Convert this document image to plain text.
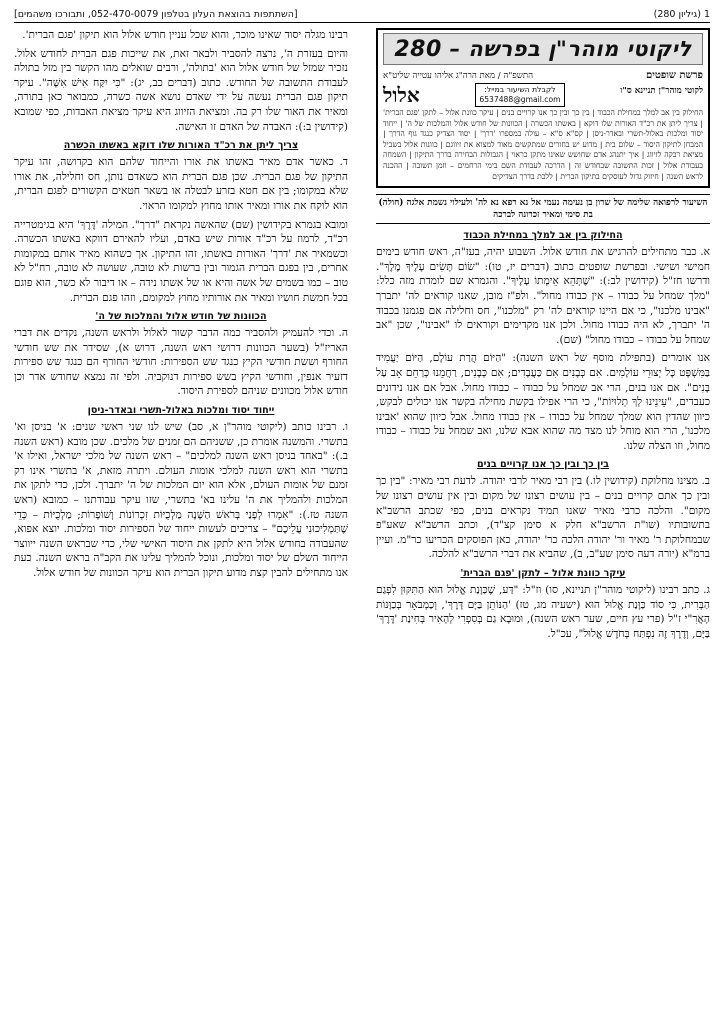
1 (גיליון 280)
[השתתפות בהוצאת העלון בטלפון 052-470-0079, ותבורכו משהמים]
ליקוטי מוהר"ן בפרשה – 280
פרשת שופטים
התשפ"ה / מאת הרה"ג אליהו עטייה שליט"א
לקוטי מוהר"ן תניינא ס"ו
לקבלת השיעור במייל:
6537488@gmail.com
אלול
החילוק בין אב למלך במחילת הכבוד | בין כך ובין כך אנו קרויים בנים | עיקר כוונת אלול – לתקן 'פגם הברית' | צריך ליתן את רכ"ד האורות שלו דוקא | באשתו הכשרה | הכוונות של חודש אלול והמלכות של ה' | ייחוד יסוד ומלכות באלול-תשרי ובאדר-ניסן | קס"א ס"א – עולה במספרו 'דרך' | יסוד הצדיק כנגד גוף הדרך | המבחן לתיקון היסוד – שלום בית | מדוע יש בחורים שמתקשים מאוד למצוא את זיווגם | כוונות אלול בשביל מציאת רבקה לזיווג | איך יתנהג אדם שחושש שאינו מתקן כראוי | הגבולות הבחירה בדרך התיקון | השמחה בעבודת אלול | זכות התשובה שבחודש זה | הדרכה לעבודת השם בימי הרחמים – וזמן תשובה | ההכנה לראש השנה | חיזוק גדול לעוסקים בתיקון הברית | ללכת בדרך הצדיקים
השיעור לרפואה שלימה של שרון בן נעימה נעמי אל נא רפא נא לה' ולעילוי נשמת אלגה (חולה) בת סימי ומאיר זכרונה לברכה
החילוק בין אב למלך במחילת הכבוד

א. כבר מתחילים להרגיש את חודש אלול. השבוע יהיה, בעז"ה, ראש חודש בימים חמישי ושישי. ובפרשת שופטים כתוב (דברים יז, טו): "שׂוֹם תָּשִׂים עָלֶיךָ מֶלֶךְ". ודרשו חז"ל (קידושין לב:): "שֶׁתְּהֵא אֵימָתוֹ עָלֶיךָ". והגמרא שם לומדת מזה כלל: "מלך שמחל על כבודו – אין כבודו מחול". ולפ"ז מובן, שאנו קוראים לה' יתברך "אבינו מלכנו", כי אם היינו קוראים לה' רק "מלכנו", חס וחלילה אם פגמנו בכבוד ה' יתברך, לא היה כבודו מחול. ולכן אנו מקדימים וקוראים לו "אבינו", שכן "אב שמחל על כבודו – כבודו מחול" (שם).

אנו אומרים (בתפילת מוסף של ראש השנה): "הַיּוֹם הֲרַת עוֹלָם, הַיּוֹם יַעֲמִיד בַּמִּשְׁפָּט כָּל יְצוּרֵי עוֹלָמִים. אִם כְּבָנִים אִם כַּעֲבָדִים; אִם כְּבָנִים, רַחֲמֵנוּ כְּרַחֵם אָב עַל בָּנִים". אם אנו בנים, הרי אב שמחל על כבודו – כבודו מחול. אבל אם אנו נידונים כעבדים, "עֵינֵינוּ לְךָ תְלוּיוֹת", כי הרי אפילו בקשת מחילה בקשר אנו יכולים לבקש, כיוון שהדין הוא שמלך שמחל על כבודו – אין כבודו מחול. אבל כיוון שהוא 'אבינו מלכנו', הרי הוא מוחל לנו מצד מה שהוא אבא שלנו, ואב שמחל על כבודו – כבודו מחול, וזו הצלה שלנו.

בין כך ובין כך אנו קרויים בנים

ב. מצינו מחלוקת (קידושין לו.) בין רבי מאיר לרבי יהודה. לדעת רבי מאיר: "בין כך ובין כך אתם קרויים בנים – בין עושים רצונו של מקום ובין אין עושים רצונו של מקום". והלכה כרבי מאיר שאנו תמיד נקראים בנים, כפי שכתב הרשב"א בתשובותיו (שו"ת הרשב"א חלק א סימן קצ"ד), וכתב הרשב"א שאע"פ שבמחלוקת ר' מאיר ור' יהודה הלכה כר' יהודה, כאן הפוסקים הכריעו כר"מ. ועיין ברמ"א (יורה דעה סימן שע"ב, ב), שהביא את דברי הרשב"א להלכה.

עיקר כוונת אלול – לתקן 'פגם הברית'

ג. כתב רבינו (ליקוטי מוהר"ן תניינא, סו) וז"ל: "דַּע, שֶׁכַּוָּנַת אֱלוּל הוּא הַתִּקּוּן לִפְגַם הַבְּרִית, כִּי סוֹד כַּוָּנַת אֱלוּל הוּא (ישעיה מג, טז) 'הַנּוֹתֵן בַּיָּם דָּרֶךְ', וְכַמְבֹאָר בְּכַוָּנוֹת הָאֲרִ"י ז"ל (פרי עץ חיים, שער ראש השנה), וּמוּבָא גַם בְּסִפְרִי לְהָאִיר בְּחִינַת 'דֶּרֶךְ' בַּיָּם, וְדֶרֶךְ זֶה נִפְתַּח בְּחֹדֶשׁ אֱלוּל", עכ"ל.

רבינו מגלה יסוד שאינו מוכר, והוא שכל עניין חודש אלול הוא תיקון 'פגם הברית'.

והיום בעזרת ה', נרצה להסביר ולבאר זאת, את שייכות פגם הברית לחודש אלול. נזכיר שמזל של חודש אלול הוא 'בתולה', ורבים שואלים מהו הקשר בין מזל בתולה לעבודת התשובה של החודש. כתוב (דברים כב, יג): "כִּי יִקַּח אִישׁ אִשָּׁה". עיקר תיקון פגם הברית נעשה על ידי שאדם נושא אשה כשרה, כמבואר כאן בתורה, ומאיר את האור שלו רק בה. ומציאת הזיווג היא עיקר מציאת האבדות, כפי שמובא (קידושין ב:): האבדה של האדם זו האישה.

צריך ליתן את רכ"ד האורות שלו דוקא באשתו הכשרה

ד. כאשר אדם מאיר באשתו את אורו והייחוד שלהם הוא בקדושה, זהו עיקר התיקון של פגם הברית. שכן פגם הברית הוא כשאדם נותן, חס וחלילה, את אורו שלא במקומו; בין אם חטא בזרע לבטלה או בשאר חטאים הקשורים לפגם הברית, הוא לוקח את אורו ומאיר אותו מחוץ למקומו הראוי.

ומובא בגמרא בקידושין (שם) שהאשה נקראת "דרך". המילה 'דֶּרֶךְ' היא בגימטרייה רכ"ד, לרמוז על רכ"ד אורות שיש באדם, ועליו להאירם דווקא באשתו הכשרה. וכשמאיר את 'דרך' האורות באשתו, זהו התיקון. אך כשהוא מאיר אותם במקומות אחרים, בין בפגם הברית הגמור ובין ברשות לא טובה, שעושה לא טובה, רח"ל לא טוב – כמו בשמים של אשה והיא או של אשתו נידה – או דיבור לא כשר, הוא פוגם בכל חמשת חושיו ומאיר את אורותיו מחוץ למקומם, וזהו פגם הברית.

הכוונות של חודש אלול והמלכות של ה'

ה. וכדי להעמיק ולהסביר כמה הדבר קשור לאלול ולראש השנה, נקדים את דברי האריז"ל (בשער הכוונות דרושי ראש השנה, דרוש א), שסידר את שש חודשי החורף וששת חודשי הקיץ כנגד שש הספירות: חודשי החורף הם כנגד שש ספירות דזעיר אנפין, וחודשי הקיץ בשש ספירות דנוקביה. ולפי זה נמצא שחודש אדר וכן חודש אלול מכוונים שניהם לספירת היסוד.

ייחוד יסוד ומלכות באלול-תשרי ובאדר-ניסן

ו. רבינו כותב (ליקוטי מוהר"ן א, סב) שיש לנו שני ראשי שנים: א' בניסן וא' בתשרי. והמשנה אומרת כן, ששניהם הם זמנים של מלכים. שכן מובא (ראש השנה ב.): "באחד בניסן ראש השנה למלכים" – ראש השנה של מלכי ישראל, ואילו א' בתשרי הוא ראש השנה למלכי אומות העולם. ויתרה מזאת, א' בתשרי אינו רק זמנם של אומות העולם, אלא הוא יום המלכות של ה' יתברך. ולכן, כדי לתקן את המלכות ולהמליך את ה' עלינו בא' בתשרי, שזו עיקר עבודתנו – כמובא (ראש השנה טז.): "אִמְרוּ לְפָנַי בְּרֹאשׁ הַשָּׁנָה מַלְכֻיּוֹת זִכְרוֹנוֹת וְשׁוֹפָרוֹת; מַלְכֻיּוֹת – כְּדֵי שֶׁתַּמְלִיכוּנִי עֲלֵיכֶם" – צריכים לעשות ייחוד של הספירות יסוד ומלכות. יוצא אפוא, שהעבודה בחודש אלול היא לתקן את היסוד האישי שלי, כדי שבראש השנה ייווצר הייחוד השלם של יסוד ומלכות, ונוכל להמליך עלינו את הקב"ה בראש השנה. כעת אנו מתחילים להבין קצת מדוע תיקון הברית הוא עיקר הכוונות של חודש אלול.
